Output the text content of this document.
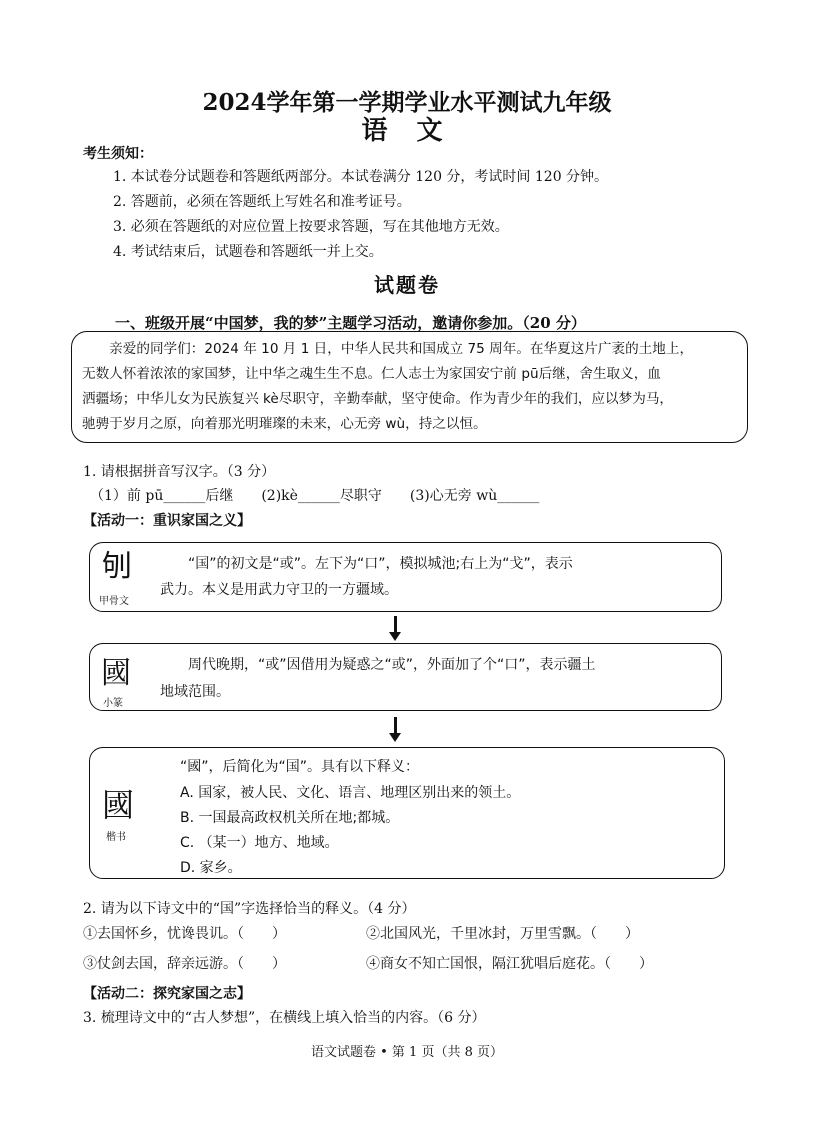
2024学年第一学期学业水平测试九年级
语 文
考生须知：
1. 本试卷分试题卷和答题纸两部分。本试卷满分 120 分，考试时间 120 分钟。
2. 答题前，必须在答题纸上写姓名和准考证号。
3. 必须在答题纸的对应位置上按要求答题，写在其他地方无效。
4. 考试结束后，试题卷和答题纸一并上交。
试题卷
一、班级开展“中国梦，我的梦”主题学习活动，邀请你参加。（20 分）
　　亲爱的同学们：2024 年 10 月 1 日，中华人民共和国成立 75 周年。在华夏这片广袤的土地上，
无数人怀着浓浓的家国梦，让中华之魂生生不息。仁人志士为家国安宁前 pū后继，舍生取义，血
洒疆场；中华儿女为民族复兴 kè尽职守，辛勤奉献，坚守使命。作为青少年的我们，应以梦为马，
驰骋于岁月之原，向着那光明璀璨的未来，心无旁 wù，持之以恒。
1. 请根据拼音写汉字。（3 分）
（1）前 pū______后继　　(2)kè______尽职守　　(3)心无旁 wù______
【活动一：重识家国之义】
𠛎
甲骨文
　　“国”的初文是“或”。左下为“口”，模拟城池;右上为“戈”，表示
武力。本义是用武力守卫的一方疆域。
國
小篆
　　周代晚期，“或”因借用为疑惑之“或”，外面加了个“口”，表示疆土
地域范围。
國
楷书
“國”，后简化为“国”。具有以下释义：
A. 国家，被人民、文化、语言、地理区别出来的领土。
B. 一国最高政权机关所在地;都城。
C. （某一）地方、地域。
D. 家乡。
2. 请为以下诗文中的“国”字选择恰当的释义。（4 分）
①去国怀乡，忧谗畏讥。（　　）	②北国风光，千里冰封，万里雪飘。（　　）
③仗剑去国，辞亲远游。（　　）	④商女不知亡国恨，隔江犹唱后庭花。（　　）
【活动二：探究家国之志】
3. 梳理诗文中的“古人梦想”，在横线上填入恰当的内容。（6 分）
语文试题卷 • 第 1 页（共 8 页）
